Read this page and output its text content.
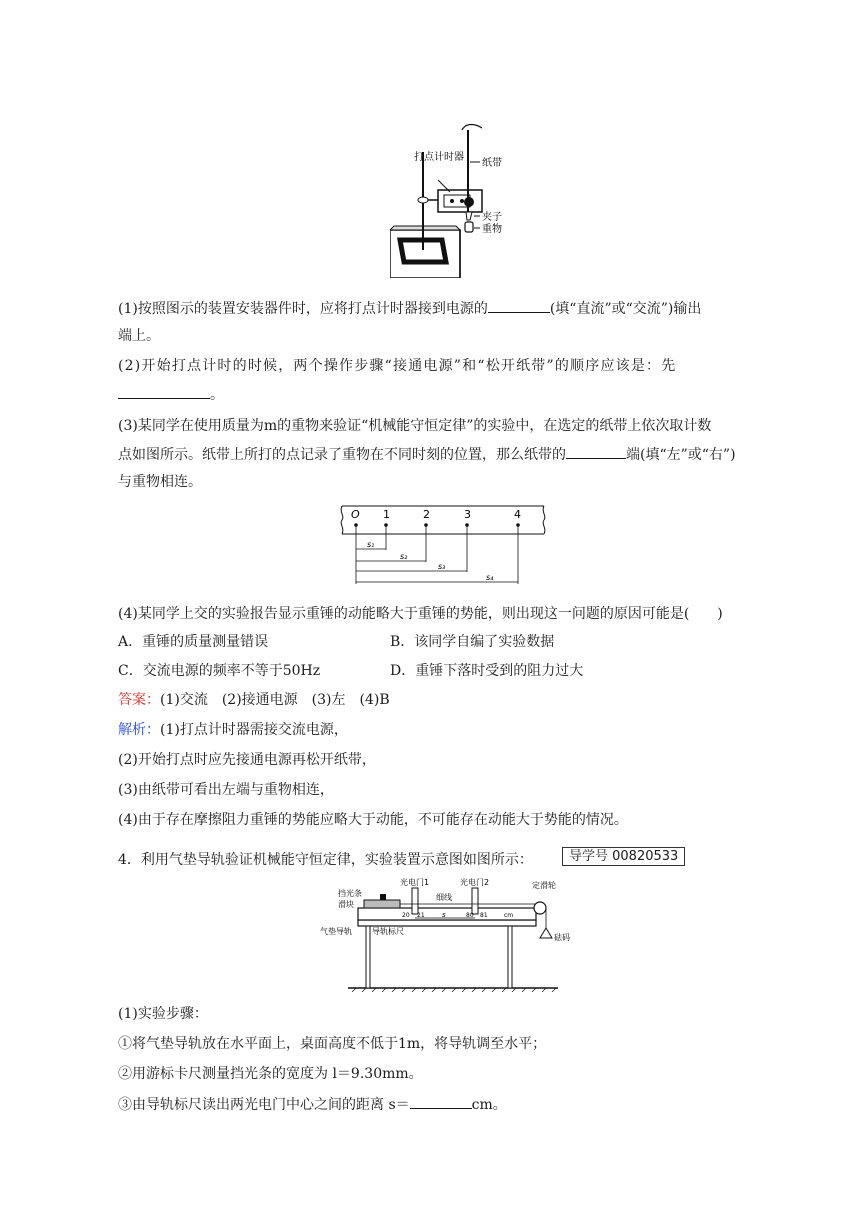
打点计时器
纸带
夹子
重物
(1)按照图示的装置安装器件时，应将打点计时器接到电源的	(填“直流”或“交流”)输出
端上。
(2)开始打点计时的时候，两个操作步骤“接通电源”和“松开纸带”的顺序应该是：先
。
(3)某同学在使用质量为m的重物来验证“机械能守恒定律”的实验中，在选定的纸带上依次取计数
点如图所示。纸带上所打的点记录了重物在不同时刻的位置，那么纸带的	端(填“左”或“右”)
与重物相连。
O 1	2	3	4
s₁
s₂
s₃
s₄
(4)某同学上交的实验报告显示重锤的动能略大于重锤的势能，则出现这一问题的原因可能是(　　)
A．重锤的质量测量错误	B．该同学自编了实验数据
C．交流电源的频率不等于50Hz	D．重锤下落时受到的阻力过大
答案：(1)交流　(2)接通电源　(3)左　(4)B
解析：(1)打点计时器需接交流电源，
(2)开始打点时应先接通电源再松开纸带，
(3)由纸带可看出左端与重物相连，
(4)由于存在摩擦阻力重锤的势能应略大于动能，不可能存在动能大于势能的情况。
4．利用气垫导轨验证机械能守恒定律，实验装置示意图如图所示：	导学号 00820533
挡光条
滑块
光电门1	光电门2
细线
定滑轮
气垫导轨	导轨标尺
砝码
20 21	80 81	cm
s
(1)实验步骤：
①将气垫导轨放在水平面上，桌面高度不低于1m，将导轨调至水平；
②用游标卡尺测量挡光条的宽度为 l＝9.30mm。
③由导轨标尺读出两光电门中心之间的距离 s＝	cm。
